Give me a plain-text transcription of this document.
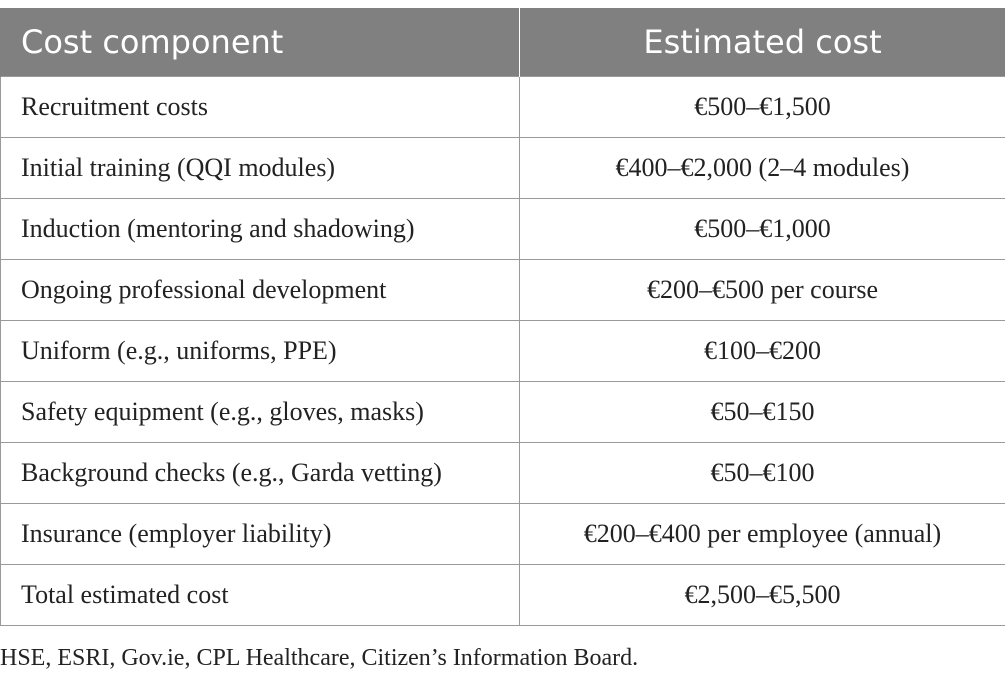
Cost component	Estimated cost
Recruitment costs	€500–€1,500
Initial training (QQI modules)	€400–€2,000 (2–4 modules)
Induction (mentoring and shadowing)	€500–€1,000
Ongoing professional development	€200–€500 per course
Uniform (e.g., uniforms, PPE)	€100–€200
Safety equipment (e.g., gloves, masks)	€50–€150
Background checks (e.g., Garda vetting)	€50–€100
Insurance (employer liability)	€200–€400 per employee (annual)
Total estimated cost	€2,500–€5,500
HSE, ESRI, Gov.ie, CPL Healthcare, Citizen’s Information Board.
